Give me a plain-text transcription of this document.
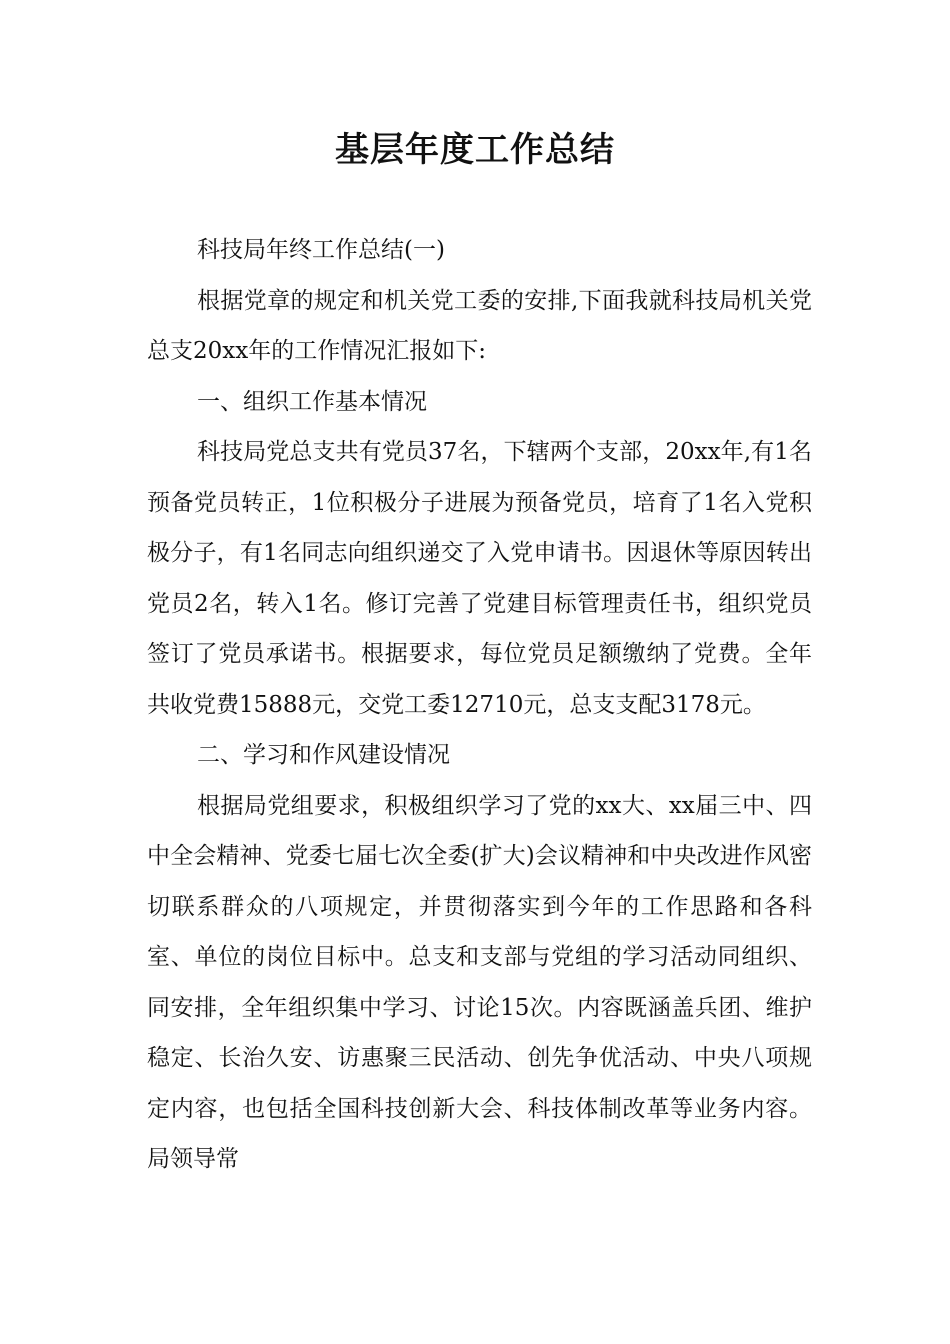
基层年度工作总结

科技局年终工作总结(一)

根据党章的规定和机关党工委的安排,下面我就科技局机关党总支20xx年的工作情况汇报如下:

一、组织工作基本情况

科技局党总支共有党员37名，下辖两个支部，20xx年,有1名预备党员转正，1位积极分子进展为预备党员，培育了1名入党积极分子，有1名同志向组织递交了入党申请书。因退休等原因转出党员2名，转入1名。修订完善了党建目标管理责任书，组织党员签订了党员承诺书。根据要求，每位党员足额缴纳了党费。全年共收党费15888元，交党工委12710元，总支支配3178元。

二、学习和作风建设情况

根据局党组要求，积极组织学习了党的xx大、xx届三中、四中全会精神、党委七届七次全委(扩大)会议精神和中央改进作风密切联系群众的八项规定，并贯彻落实到今年的工作思路和各科室、单位的岗位目标中。总支和支部与党组的学习活动同组织、同安排，全年组织集中学习、讨论15次。内容既涵盖兵团、维护稳定、长治久安、访惠聚三民活动、创先争优活动、中央八项规定内容，也包括全国科技创新大会、科技体制改革等业务内容。局领导常
